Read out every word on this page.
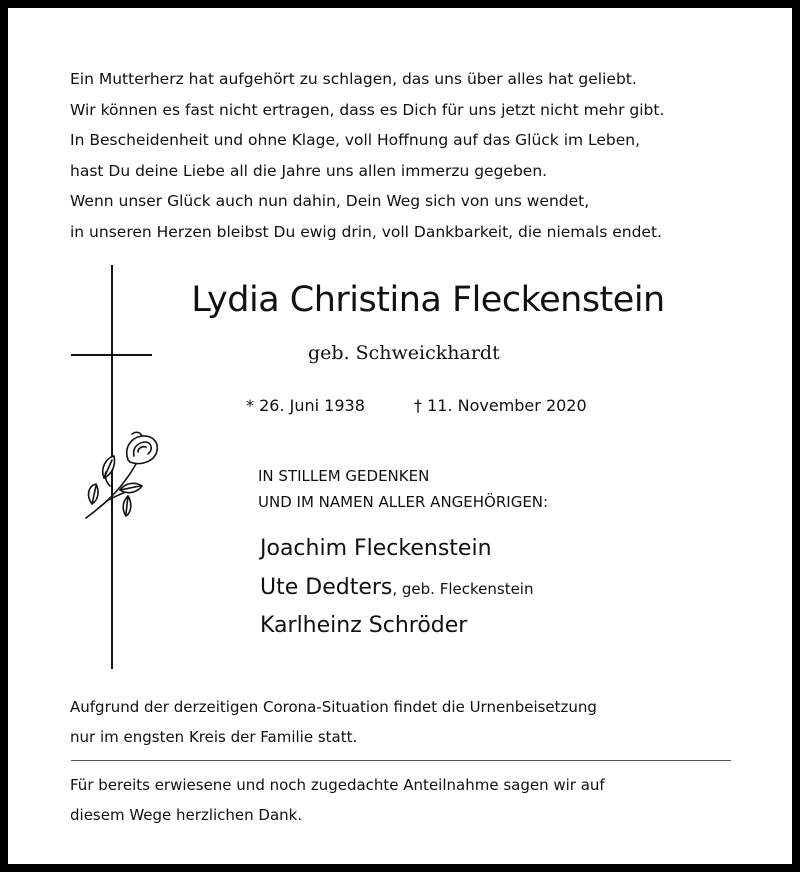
Ein Mutterherz hat aufgehört zu schlagen, das uns über alles hat geliebt.
Wir können es fast nicht ertragen, dass es Dich für uns jetzt nicht mehr gibt.
In Bescheidenheit und ohne Klage, voll Hoffnung auf das Glück im Leben,
hast Du deine Liebe all die Jahre uns allen immerzu gegeben.
Wenn unser Glück auch nun dahin, Dein Weg sich von uns wendet,
in unseren Herzen bleibst Du ewig drin, voll Dankbarkeit, die niemals endet.
Lydia Christina Fleckenstein
geb. Schweickhardt
* 26. Juni 1938	† 11. November 2020
IN STILLEM GEDENKEN
UND IM NAMEN ALLER ANGEHÖRIGEN:
Joachim Fleckenstein
Ute Dedters, geb. Fleckenstein
Karlheinz Schröder
Aufgrund der derzeitigen Corona-Situation findet die Urnenbeisetzung
nur im engsten Kreis der Familie statt.
Für bereits erwiesene und noch zugedachte Anteilnahme sagen wir auf
diesem Wege herzlichen Dank.
